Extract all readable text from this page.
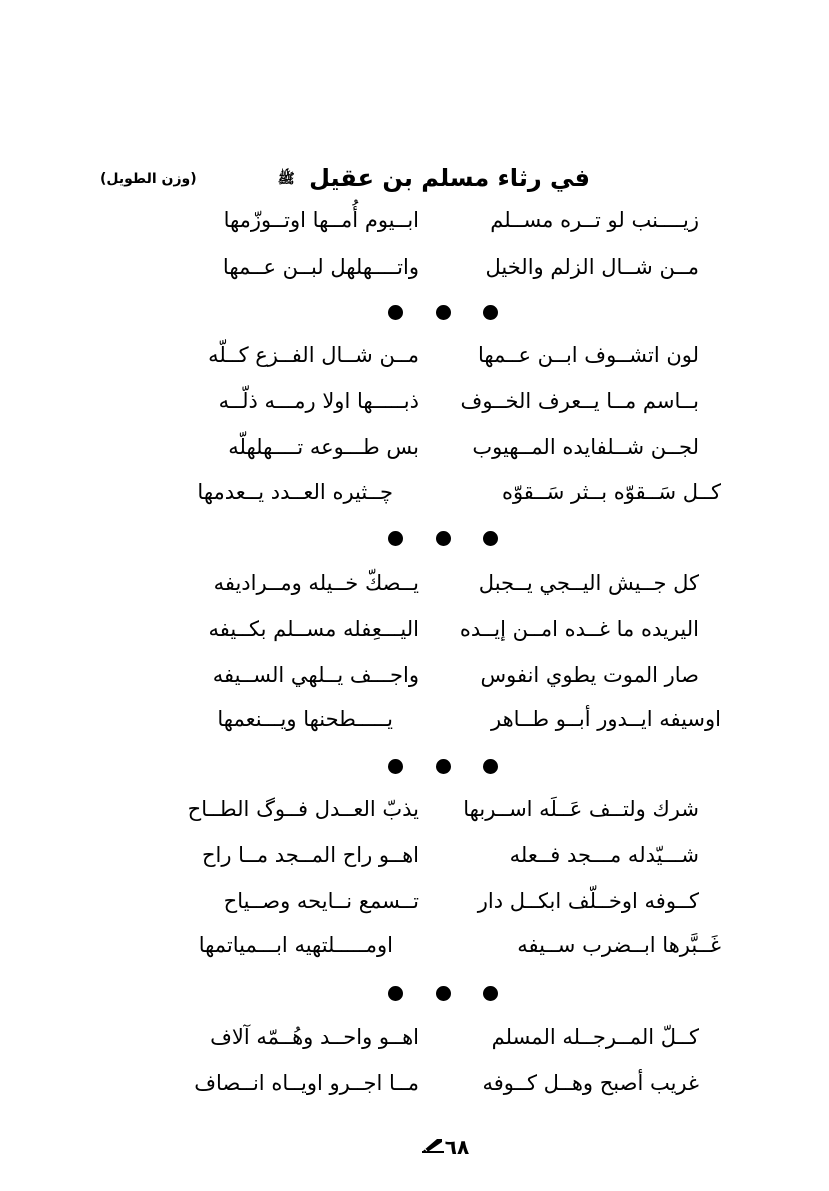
في رثاء مسلم بن عقيل ﷺ
(وزن الطويل)
زيــــنب لو تــره مســلم
ابــيوم أُمــها اوتــوزّمها
مــن شــال الزلم والخيل
واتــــهلهل لبــن عــمها
لون اتشــوف ابــن عــمها
مــن شــال الفــزع كــلّه
بــاسم مــا يــعرف الخــوف
ذبـــــها اولا رمـــه ذلّــه
لجــن شــلفايده المــهيوب
بس طـــوعه تــــهلهلّه
كــل سَــقوّه بــثر سَــقوّه
چــثيره العــدد يــعدمها
كل جــيش اليــجي يــجبل
يــصكّ خــيله ومــراديفه
اليريده ما غــده امــن إيــده
اليـــعِفله مســلم بكــيفه
صار الموت يطوي انفوس
واجـــف يــلهي الســيفه
اوسيفه ايــدور أبــو طــاهر
يـــــطحنها ويـــنعمها
شرك ولتــف عَــلَه اســربها
يذبّ العــدل فــوگ الطــاح
شـــيّدله مـــجد فــعله
اهــو راح المــجد مــا راح
كــوفه اوخــلّف ابكــل دار
تــسمع نــايحه وصــياح
غَــبَّرها ابــضرب ســيفه
اومـــــلتهيه ابـــمياتمها
كــلّ المــرجــله المسلم
اهــو واحــد وهُــمّه آلاف
غريب أصبح وهــل كــوفه
مــا اجــرو اويــاه انــصاف
٦٨
